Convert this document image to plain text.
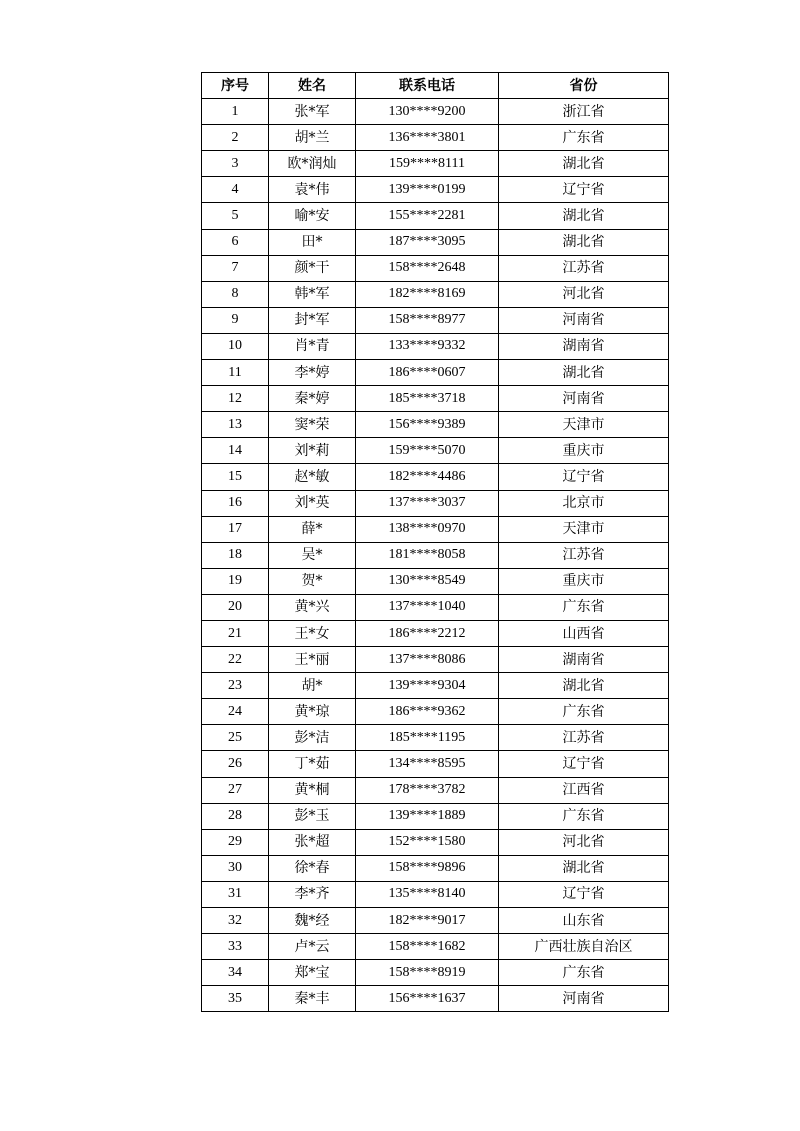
序号	姓名	联系电话	省份
1	张*军	130****9200	浙江省
2	胡*兰	136****3801	广东省
3	欧*润灿	159****8111	湖北省
4	袁*伟	139****0199	辽宁省
5	喻*安	155****2281	湖北省
6	田*	187****3095	湖北省
7	颜*干	158****2648	江苏省
8	韩*军	182****8169	河北省
9	封*军	158****8977	河南省
10	肖*青	133****9332	湖南省
11	李*婷	186****0607	湖北省
12	秦*婷	185****3718	河南省
13	窦*荣	156****9389	天津市
14	刘*莉	159****5070	重庆市
15	赵*敏	182****4486	辽宁省
16	刘*英	137****3037	北京市
17	薛*	138****0970	天津市
18	吴*	181****8058	江苏省
19	贺*	130****8549	重庆市
20	黄*兴	137****1040	广东省
21	王*女	186****2212	山西省
22	王*丽	137****8086	湖南省
23	胡*	139****9304	湖北省
24	黄*琼	186****9362	广东省
25	彭*洁	185****1195	江苏省
26	丁*茹	134****8595	辽宁省
27	黄*桐	178****3782	江西省
28	彭*玉	139****1889	广东省
29	张*超	152****1580	河北省
30	徐*春	158****9896	湖北省
31	李*齐	135****8140	辽宁省
32	魏*经	182****9017	山东省
33	卢*云	158****1682	广西壮族自治区
34	郑*宝	158****8919	广东省
35	秦*丰	156****1637	河南省
